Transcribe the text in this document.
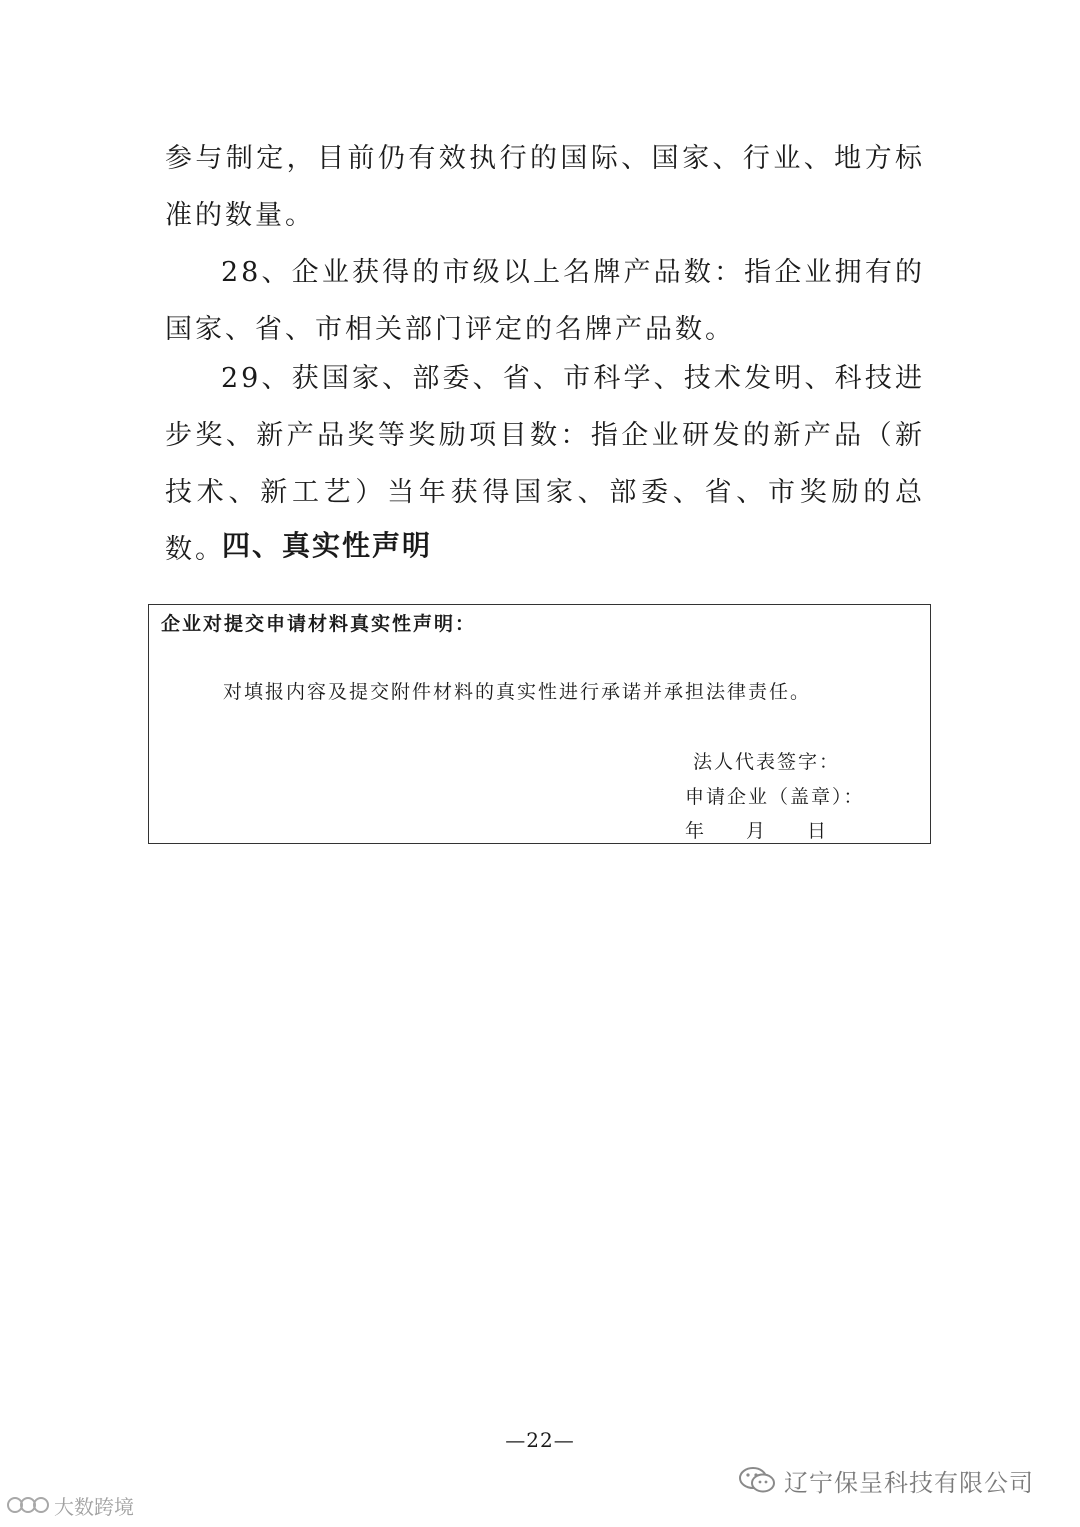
参与制定，目前仍有效执行的国际、国家、行业、地方标准的数量。

28、企业获得的市级以上名牌产品数：指企业拥有的国家、省、市相关部门评定的名牌产品数。

29、获国家、部委、省、市科学、技术发明、科技进步奖、新产品奖等奖励项目数：指企业研发的新产品（新技术、新工艺）当年获得国家、部委、省、市奖励的总数。

四、真实性声明
企业对提交申请材料真实性声明：
对填报内容及提交附件材料的真实性进行承诺并承担法律责任。
法人代表签字：
申请企业（盖章）：
年 月 日
—22—
辽宁保呈科技有限公司
大数跨境
